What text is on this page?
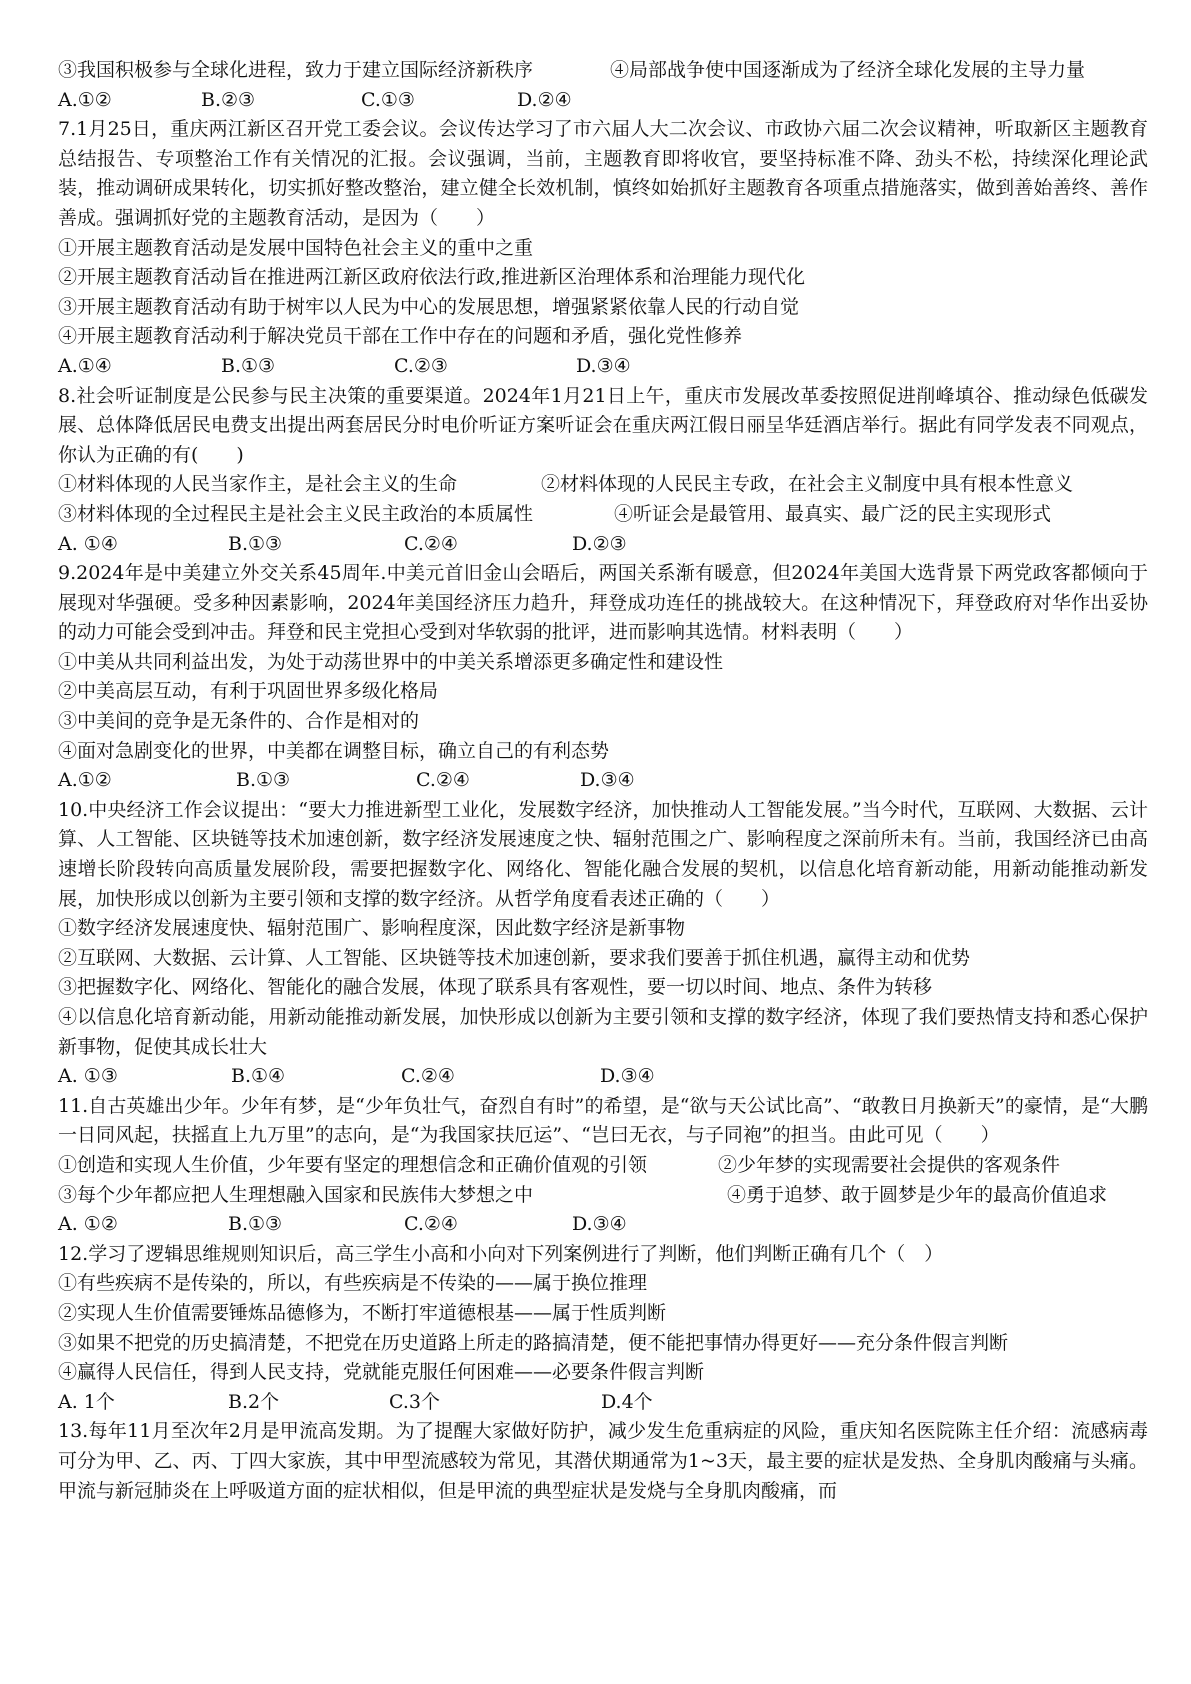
③我国积极参与全球化进程，致力于建立国际经济新秩序	④局部战争使中国逐渐成为了经济全球化发展的主导力量
A.①②	B.②③	C.①③	D.②④
7.1月25日，重庆两江新区召开党工委会议。会议传达学习了市六届人大二次会议、市政协六届二次会议精神，听取新区主题教育总结报告、专项整治工作有关情况的汇报。会议强调，当前，主题教育即将收官，要坚持标准不降、劲头不松，持续深化理论武装，推动调研成果转化，切实抓好整改整治，建立健全长效机制，慎终如始抓好主题教育各项重点措施落实，做到善始善终、善作善成。强调抓好党的主题教育活动，是因为（　　）
①开展主题教育活动是发展中国特色社会主义的重中之重
②开展主题教育活动旨在推进两江新区政府依法行政,推进新区治理体系和治理能力现代化
③开展主题教育活动有助于树牢以人民为中心的发展思想，增强紧紧依靠人民的行动自觉
④开展主题教育活动利于解决党员干部在工作中存在的问题和矛盾，强化党性修养
A.①④	B.①③	C.②③	D.③④
8.社会听证制度是公民参与民主决策的重要渠道。2024年1月21日上午，重庆市发展改革委按照促进削峰填谷、推动绿色低碳发展、总体降低居民电费支出提出两套居民分时电价听证方案听证会在重庆两江假日丽呈华廷酒店举行。据此有同学发表不同观点，你认为正确的有(　　)
①材料体现的人民当家作主，是社会主义的生命	②材料体现的人民民主专政，在社会主义制度中具有根本性意义
③材料体现的全过程民主是社会主义民主政治的本质属性	④听证会是最管用、最真实、最广泛的民主实现形式
A. ①④	B.①③	C.②④	D.②③
9.2024年是中美建立外交关系45周年.中美元首旧金山会晤后，两国关系渐有暖意，但2024年美国大选背景下两党政客都倾向于展现对华强硬。受多种因素影响，2024年美国经济压力趋升，拜登成功连任的挑战较大。在这种情况下，拜登政府对华作出妥协的动力可能会受到冲击。拜登和民主党担心受到对华软弱的批评，进而影响其选情。材料表明（　　）
①中美从共同利益出发，为处于动荡世界中的中美关系增添更多确定性和建设性
②中美高层互动，有利于巩固世界多级化格局
③中美间的竞争是无条件的、合作是相对的
④面对急剧变化的世界，中美都在调整目标，确立自己的有利态势
A.①②	B.①③	C.②④	D.③④
10.中央经济工作会议提出：“要大力推进新型工业化，发展数字经济，加快推动人工智能发展。”当今时代，互联网、大数据、云计算、人工智能、区块链等技术加速创新，数字经济发展速度之快、辐射范围之广、影响程度之深前所未有。当前，我国经济已由高速增长阶段转向高质量发展阶段，需要把握数字化、网络化、智能化融合发展的契机，以信息化培育新动能，用新动能推动新发展，加快形成以创新为主要引领和支撑的数字经济。从哲学角度看表述正确的（　　）
①数字经济发展速度快、辐射范围广、影响程度深，因此数字经济是新事物
②互联网、大数据、云计算、人工智能、区块链等技术加速创新，要求我们要善于抓住机遇，赢得主动和优势
③把握数字化、网络化、智能化的融合发展，体现了联系具有客观性，要一切以时间、地点、条件为转移
④以信息化培育新动能，用新动能推动新发展，加快形成以创新为主要引领和支撑的数字经济，体现了我们要热情支持和悉心保护新事物，促使其成长壮大
A. ①③	B.①④	C.②④	D.③④
11.自古英雄出少年。少年有梦，是“少年负壮气，奋烈自有时”的希望，是“欲与天公试比高”、“敢教日月换新天”的豪情，是“大鹏一日同风起，扶摇直上九万里”的志向，是“为我国家扶厄运”、“岂曰无衣，与子同袍”的担当。由此可见（　　）
①创造和实现人生价值，少年要有坚定的理想信念和正确价值观的引领	②少年梦的实现需要社会提供的客观条件
③每个少年都应把人生理想融入国家和民族伟大梦想之中	④勇于追梦、敢于圆梦是少年的最高价值追求
A. ①②	B.①③	C.②④	D.③④
12.学习了逻辑思维规则知识后，高三学生小高和小向对下列案例进行了判断，他们判断正确有几个（　）
①有些疾病不是传染的，所以，有些疾病是不传染的——属于换位推理
②实现人生价值需要锤炼品德修为，不断打牢道德根基——属于性质判断
③如果不把党的历史搞清楚，不把党在历史道路上所走的路搞清楚，便不能把事情办得更好——充分条件假言判断
④赢得人民信任，得到人民支持，党就能克服任何困难——必要条件假言判断
A. 1个	B.2个	C.3个	D.4个
13.每年11月至次年2月是甲流高发期。为了提醒大家做好防护，减少发生危重病症的风险，重庆知名医院陈主任介绍：流感病毒可分为甲、乙、丙、丁四大家族，其中甲型流感较为常见，其潜伏期通常为1~3天，最主要的症状是发热、全身肌肉酸痛与头痛。甲流与新冠肺炎在上呼吸道方面的症状相似，但是甲流的典型症状是发烧与全身肌肉酸痛，而
